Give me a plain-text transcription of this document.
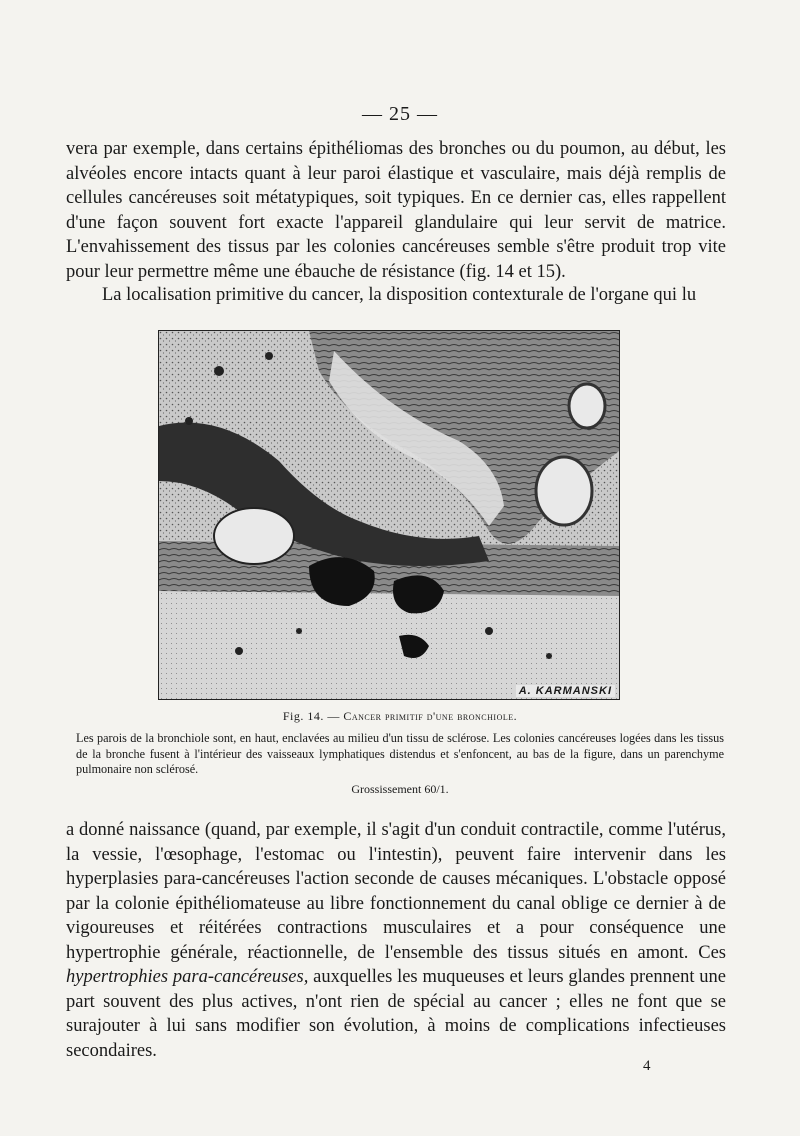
— 25 —

vera par exemple, dans certains épithéliomas des bronches ou du poumon, au début, les alvéoles encore intacts quant à leur paroi élastique et vasculaire, mais déjà remplis de cellules cancéreuses soit métatypiques, soit typiques. En ce dernier cas, elles rappellent d'une façon souvent fort exacte l'appareil glandulaire qui leur servit de matrice. L'envahissement des tissus par les colonies cancéreuses semble s'être produit trop vite pour leur permettre même une ébauche de résistance (fig. 14 et 15).

La localisation primitive du cancer, la disposition contexturale de l'organe qui lu

A. KARMANSKI
Fig. 14. — Cancer primitif d'une bronchiole.

Les parois de la bronchiole sont, en haut, enclavées au milieu d'un tissu de sclérose. Les colonies cancéreuses logées dans les tissus de la bronche fusent à l'intérieur des vaisseaux lymphatiques distendus et s'enfoncent, au bas de la figure, dans un parenchyme pulmonaire non sclérosé.

Grossissement 60/1.

a donné naissance (quand, par exemple, il s'agit d'un conduit contractile, comme l'utérus, la vessie, l'œsophage, l'estomac ou l'intestin), peuvent faire intervenir dans les hyperplasies para-cancéreuses l'action seconde de causes mécaniques. L'obstacle opposé par la colonie épithéliomateuse au libre fonctionnement du canal oblige ce dernier à de vigoureuses et réitérées contractions musculaires et a pour conséquence une hypertrophie générale, réactionnelle, de l'ensemble des tissus situés en amont. Ces hypertrophies para-cancéreuses, auxquelles les muqueuses et leurs glandes prennent une part souvent des plus actives, n'ont rien de spécial au cancer ; elles ne font que se surajouter à lui sans modifier son évolution, à moins de complications infectieuses secondaires.

4
